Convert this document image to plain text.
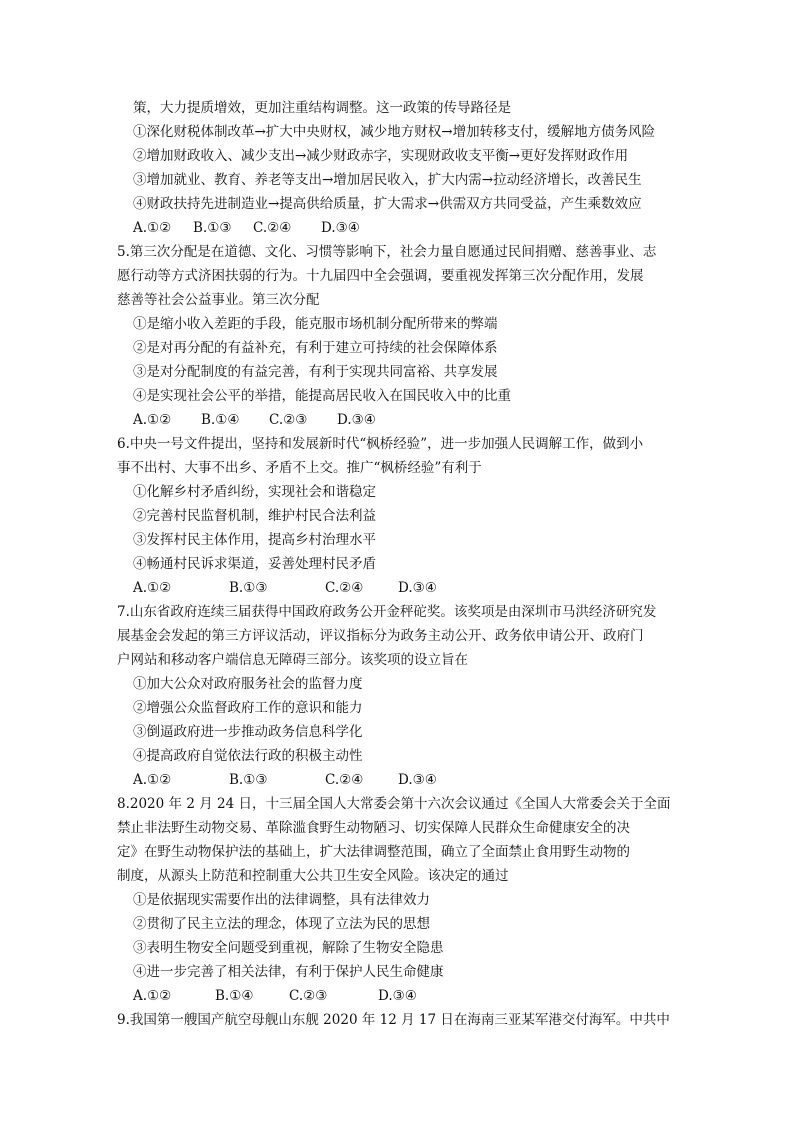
策，大力提质增效，更加注重结构调整。这一政策的传导路径是
①深化财税体制改革→扩大中央财权，减少地方财权→增加转移支付，缓解地方债务风险
②增加财政收入、减少支出→减少财政赤字，实现财政收支平衡→更好发挥财政作用
③增加就业、教育、养老等支出→增加居民收入，扩大内需→拉动经济增长，改善民生
④财政扶持先进制造业→提高供给质量，扩大需求→供需双方共同受益，产生乘数效应
A.①② B.①③ C.②④ D.③④
5.第三次分配是在道德、文化、习惯等影响下，社会力量自愿通过民间捐赠、慈善事业、志
愿行动等方式济困扶弱的行为。十九届四中全会强调，要重视发挥第三次分配作用，发展
慈善等社会公益事业。第三次分配
①是缩小收入差距的手段，能克服市场机制分配所带来的弊端
②是对再分配的有益补充，有利于建立可持续的社会保障体系
③是对分配制度的有益完善，有利于实现共同富裕、共享发展
④是实现社会公平的举措，能提高居民收入在国民收入中的比重
A.①② B.①④ C.②③ D.③④
6.中央一号文件提出，坚持和发展新时代“枫桥经验”，进一步加强人民调解工作，做到小
事不出村、大事不出乡、矛盾不上交。推广“枫桥经验”有利于
①化解乡村矛盾纠纷，实现社会和谐稳定
②完善村民监督机制，维护村民合法利益
③发挥村民主体作用，提高乡村治理水平
④畅通村民诉求渠道，妥善处理村民矛盾
A.①②	B.①③	C.②④	D.③④
7.山东省政府连续三届获得中国政府政务公开金秤砣奖。该奖项是由深圳市马洪经济研究发
展基金会发起的第三方评议活动，评议指标分为政务主动公开、政务依申请公开、政府门
户网站和移动客户端信息无障碍三部分。该奖项的设立旨在
①加大公众对政府服务社会的监督力度
②增强公众监督政府工作的意识和能力
③倒逼政府进一步推动政务信息科学化
④提高政府自觉依法行政的积极主动性
A.①②	B.①③	C.②④	D.③④
8.2020 年 2 月 24 日，十三届全国人大常委会第十六次会议通过《全国人大常委会关于全面
禁止非法野生动物交易、革除滥食野生动物陋习、切实保障人民群众生命健康安全的决
定》在野生动物保护法的基础上，扩大法律调整范围，确立了全面禁止食用野生动物的
制度，从源头上防范和控制重大公共卫生安全风险。该决定的通过
①是依据现实需要作出的法律调整，具有法律效力
②贯彻了民主立法的理念，体现了立法为民的思想
③表明生物安全问题受到重视，解除了生物安全隐患
④进一步完善了相关法律，有利于保护人民生命健康
A.①②	B.①④	C.②③	D.③④
9.我国第一艘国产航空母舰山东舰 2020 年 12 月 17 日在海南三亚某军港交付海军。中共中
